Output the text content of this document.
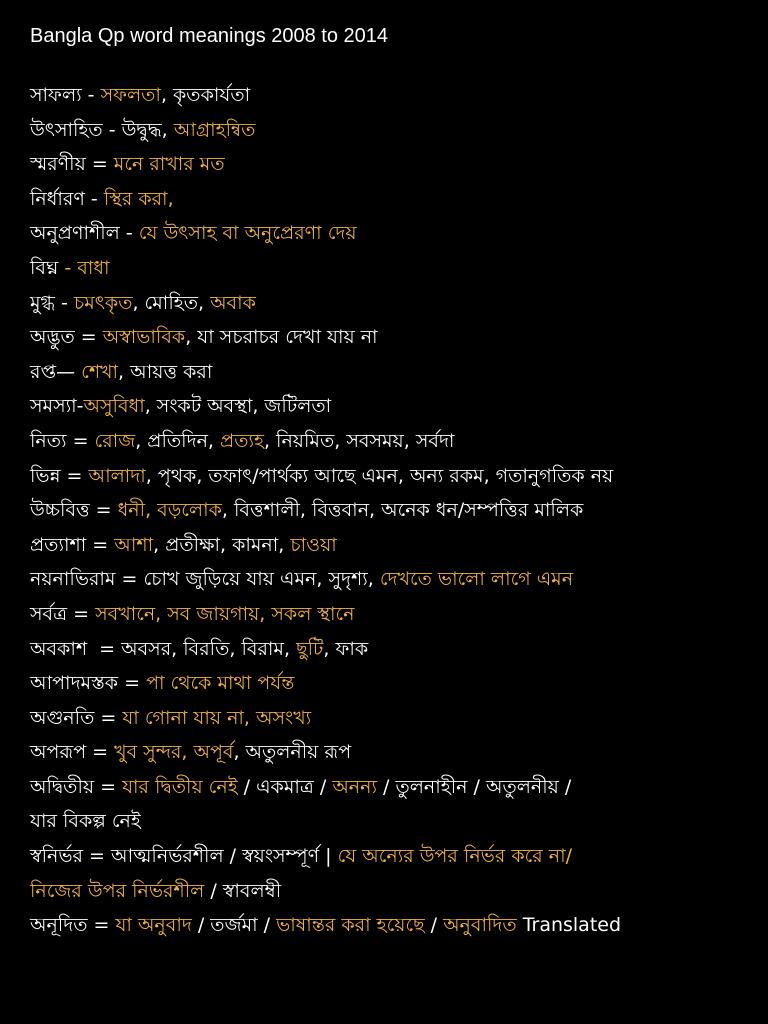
Bangla Qp word meanings 2008 to 2014
সাফল্য - সফলতা, কৃতকার্যতা
উৎসাহিত - উদ্বুদ্ধ, আগ্রাহন্বিত
স্মরণীয় = মনে রাখার মত
নির্ধারণ - স্থির করা,
অনুপ্রণাশীল - যে উৎসাহ বা অনুপ্রেরণা দেয়
বিঘ্ন - বাধা
মুগ্ধ - চমৎকৃত, মোহিত, অবাক
অদ্ভুত = অস্বাভাবিক, যা সচরাচর দেখা যায় না
রপ্ত— শেখা, আয়ত্ত করা
সমস্যা-অসুবিধা, সংকট অবস্থা, জটিলতা
নিত্য = রোজ, প্রতিদিন, প্রত্যহ, নিয়মিত, সবসময়, সর্বদা
ভিন্ন = আলাদা, পৃথক, তফাৎ/পার্থক্য আছে এমন, অন্য রকম, গতানুগতিক নয়
উচ্চবিত্ত = ধনী, বড়লোক, বিত্তশালী, বিত্তবান, অনেক ধন/সম্পত্তির মালিক
প্রত্যাশা = আশা, প্রতীক্ষা, কামনা, চাওয়া
নয়নাভিরাম = চোখ জুড়িয়ে যায় এমন, সুদৃশ্য, দেখতে ভালো লাগে এমন
সর্বত্র = সবখানে, সব জায়গায়, সকল স্থানে
অবকাশ  = অবসর, বিরতি, বিরাম, ছুটি, ফাক
আপাদমস্তক = পা থেকে মাথা পর্যন্ত
অগুনতি = যা গোনা যায় না, অসংখ্য
অপরূপ = খুব সুন্দর, অপূর্ব, অতুলনীয় রূপ
অদ্বিতীয় = যার দ্বিতীয় নেই / একমাত্র / অনন্য / তুলনাহীন / অতুলনীয় /
যার বিকল্প নেই
স্বনির্ভর = আত্মনির্ভরশীল / স্বয়ংসম্পূর্ণ | যে অন্যের উপর নির্ভর করে না/
নিজের উপর নির্ভরশীল / স্বাবলম্বী
অনূদিত = যা অনুবাদ / তর্জমা / ভাষান্তর করা হয়েছে / অনুবাদিত Translated
